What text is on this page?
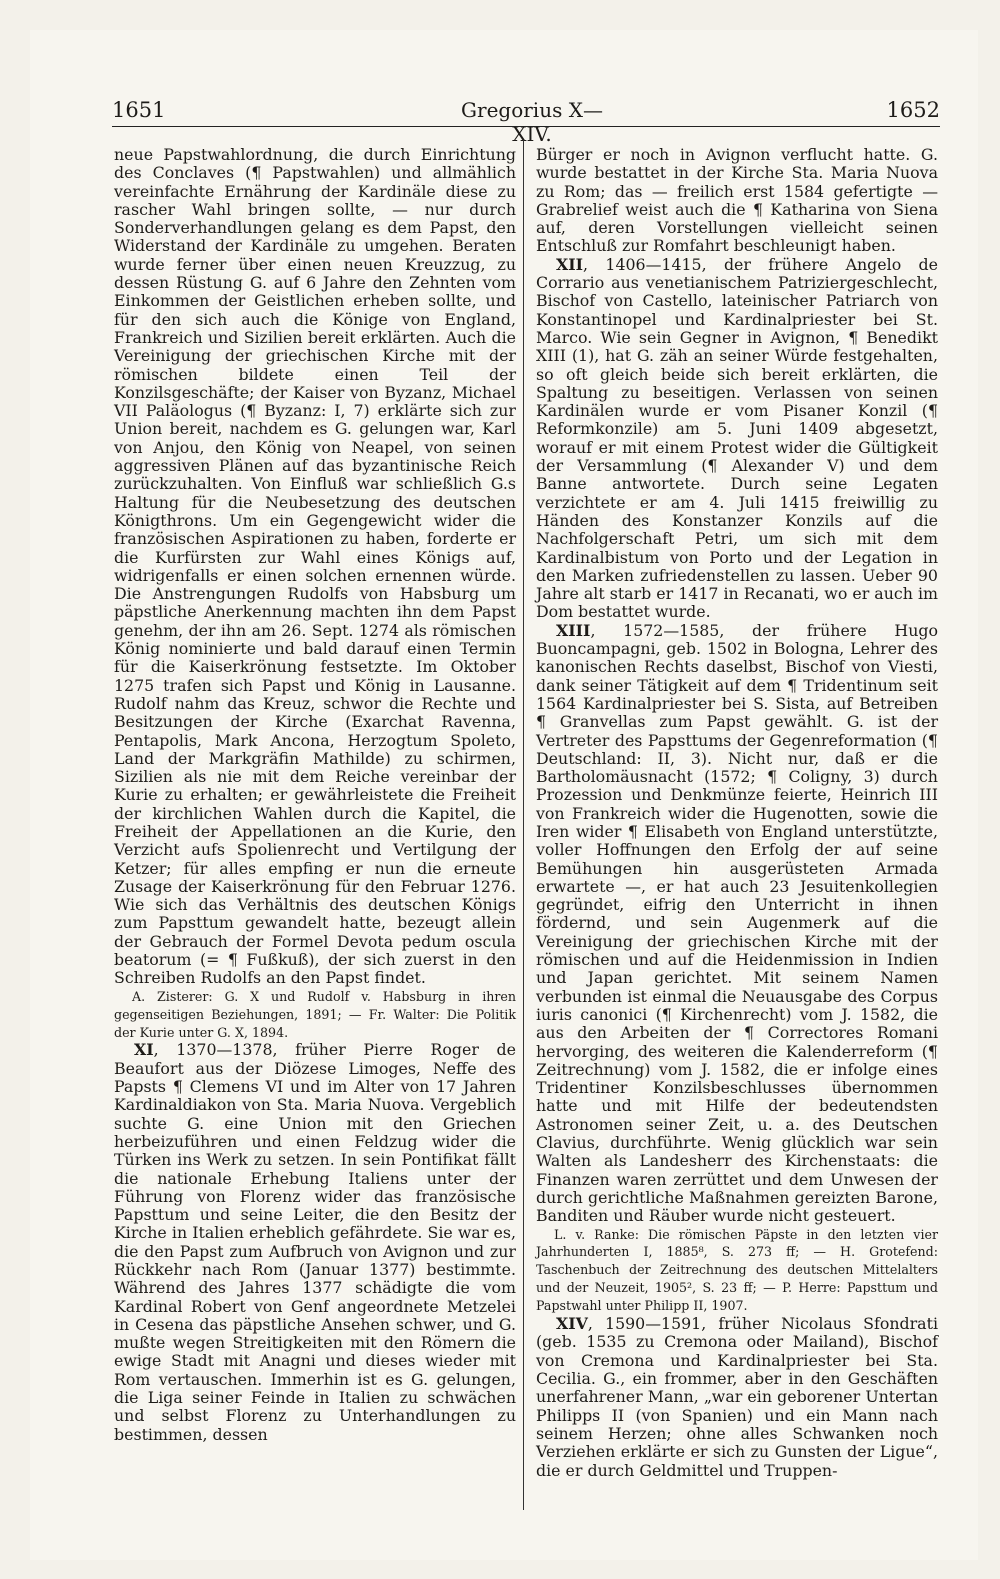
1651	Gregorius X—XIV.
1652

neue Papstwahlordnung, die durch Einrichtung des Conclaves (¶ Papstwahlen) und allmählich vereinfachte Ernährung der Kardinäle diese zu rascher Wahl bringen sollte, — nur durch Sonderverhandlungen gelang es dem Papst, den Widerstand der Kardinäle zu umgehen. Beraten wurde ferner über einen neuen Kreuzzug, zu dessen Rüstung G. auf 6 Jahre den Zehnten vom Einkommen der Geistlichen erheben sollte, und für den sich auch die Könige von England, Frankreich und Sizilien bereit erklärten. Auch die Vereinigung der griechischen Kirche mit der römischen bildete einen Teil der Konzilsgeschäfte; der Kaiser von Byzanz, Michael VII Paläologus (¶ Byzanz: I, 7) erklärte sich zur Union bereit, nachdem es G. gelungen war, Karl von Anjou, den König von Neapel, von seinen aggressiven Plänen auf das byzantinische Reich zurückzuhalten. Von Einfluß war schließlich G.s Haltung für die Neubesetzung des deutschen Königthrons. Um ein Gegengewicht wider die französischen Aspirationen zu haben, forderte er die Kurfürsten zur Wahl eines Königs auf, widrigenfalls er einen solchen ernennen würde. Die Anstrengungen Rudolfs von Habsburg um päpstliche Anerkennung machten ihn dem Papst genehm, der ihn am 26. Sept. 1274 als römischen König nominierte und bald darauf einen Termin für die Kaiserkrönung festsetzte. Im Oktober 1275 trafen sich Papst und König in Lausanne. Rudolf nahm das Kreuz, schwor die Rechte und Besitzungen der Kirche (Exarchat Ravenna, Pentapolis, Mark Ancona, Herzogtum Spoleto, Land der Markgräfin Mathilde) zu schirmen, Sizilien als nie mit dem Reiche vereinbar der Kurie zu erhalten; er gewährleistete die Freiheit der kirchlichen Wahlen durch die Kapitel, die Freiheit der Appellationen an die Kurie, den Verzicht aufs Spolienrecht und Vertilgung der Ketzer; für alles empfing er nun die erneute Zusage der Kaiserkrönung für den Februar 1276. Wie sich das Verhältnis des deutschen Königs zum Papsttum gewandelt hatte, bezeugt allein der Gebrauch der Formel Devota pedum oscula beatorum (= ¶ Fußkuß), der sich zuerst in den Schreiben Rudolfs an den Papst findet.

A. Zisterer: G. X und Rudolf v. Habsburg in ihren gegenseitigen Beziehungen, 1891; — Fr. Walter: Die Politik der Kurie unter G. X, 1894.

XI, 1370—1378, früher Pierre Roger de Beaufort aus der Diözese Limoges, Neffe des Papsts ¶ Clemens VI und im Alter von 17 Jahren Kardinaldiakon von Sta. Maria Nuova. Vergeblich suchte G. eine Union mit den Griechen herbeizuführen und einen Feldzug wider die Türken ins Werk zu setzen. In sein Pontifikat fällt die nationale Erhebung Italiens unter der Führung von Florenz wider das französische Papsttum und seine Leiter, die den Besitz der Kirche in Italien erheblich gefährdete. Sie war es, die den Papst zum Aufbruch von Avignon und zur Rückkehr nach Rom (Januar 1377) bestimmte. Während des Jahres 1377 schädigte die vom Kardinal Robert von Genf angeordnete Metzelei in Cesena das päpstliche Ansehen schwer, und G. mußte wegen Streitigkeiten mit den Römern die ewige Stadt mit Anagni und dieses wieder mit Rom vertauschen. Immerhin ist es G. gelungen, die Liga seiner Feinde in Italien zu schwächen und selbst Florenz zu Unterhandlungen zu bestimmen, dessen

Bürger er noch in Avignon verflucht hatte. G. wurde bestattet in der Kirche Sta. Maria Nuova zu Rom; das — freilich erst 1584 gefertigte — Grabrelief weist auch die ¶ Katharina von Siena auf, deren Vorstellungen vielleicht seinen Entschluß zur Romfahrt beschleunigt haben.

XII, 1406—1415, der frühere Angelo de Corrario aus venetianischem Patriziergeschlecht, Bischof von Castello, lateinischer Patriarch von Konstantinopel und Kardinalpriester bei St. Marco. Wie sein Gegner in Avignon, ¶ Benedikt XIII (1), hat G. zäh an seiner Würde festgehalten, so oft gleich beide sich bereit erklärten, die Spaltung zu beseitigen. Verlassen von seinen Kardinälen wurde er vom Pisaner Konzil (¶ Reformkonzile) am 5. Juni 1409 abgesetzt, worauf er mit einem Protest wider die Gültigkeit der Versammlung (¶ Alexander V) und dem Banne antwortete. Durch seine Legaten verzichtete er am 4. Juli 1415 freiwillig zu Händen des Konstanzer Konzils auf die Nachfolgerschaft Petri, um sich mit dem Kardinalbistum von Porto und der Legation in den Marken zufriedenstellen zu lassen. Ueber 90 Jahre alt starb er 1417 in Recanati, wo er auch im Dom bestattet wurde.

XIII, 1572—1585, der frühere Hugo Buoncampagni, geb. 1502 in Bologna, Lehrer des kanonischen Rechts daselbst, Bischof von Viesti, dank seiner Tätigkeit auf dem ¶ Tridentinum seit 1564 Kardinalpriester bei S. Sista, auf Betreiben ¶ Granvellas zum Papst gewählt. G. ist der Vertreter des Papsttums der Gegenreformation (¶ Deutschland: II, 3). Nicht nur, daß er die Bartholomäusnacht (1572; ¶ Coligny, 3) durch Prozession und Denkmünze feierte, Heinrich III von Frankreich wider die Hugenotten, sowie die Iren wider ¶ Elisabeth von England unterstützte, voller Hoffnungen den Erfolg der auf seine Bemühungen hin ausgerüsteten Armada erwartete —, er hat auch 23 Jesuitenkollegien gegründet, eifrig den Unterricht in ihnen fördernd, und sein Augenmerk auf die Vereinigung der griechischen Kirche mit der römischen und auf die Heidenmission in Indien und Japan gerichtet. Mit seinem Namen verbunden ist einmal die Neuausgabe des Corpus iuris canonici (¶ Kirchenrecht) vom J. 1582, die aus den Arbeiten der ¶ Correctores Romani hervorging, des weiteren die Kalenderreform (¶ Zeitrechnung) vom J. 1582, die er infolge eines Tridentiner Konzilsbeschlusses übernommen hatte und mit Hilfe der bedeutendsten Astronomen seiner Zeit, u. a. des Deutschen Clavius, durchführte. Wenig glücklich war sein Walten als Landesherr des Kirchenstaats: die Finanzen waren zerrüttet und dem Unwesen der durch gerichtliche Maßnahmen gereizten Barone, Banditen und Räuber wurde nicht gesteuert.

L. v. Ranke: Die römischen Päpste in den letzten vier Jahrhunderten I, 1885⁸, S. 273 ff; — H. Grotefend: Taschenbuch der Zeitrechnung des deutschen Mittelalters und der Neuzeit, 1905², S. 23 ff; — P. Herre: Papsttum und Papstwahl unter Philipp II, 1907.

XIV, 1590—1591, früher Nicolaus Sfondrati (geb. 1535 zu Cremona oder Mailand), Bischof von Cremona und Kardinalpriester bei Sta. Cecilia. G., ein frommer, aber in den Geschäften unerfahrener Mann, „war ein geborener Untertan Philipps II (von Spanien) und ein Mann nach seinem Herzen; ohne alles Schwanken noch Verziehen erklärte er sich zu Gunsten der Ligue“, die er durch Geldmittel und Truppen-
